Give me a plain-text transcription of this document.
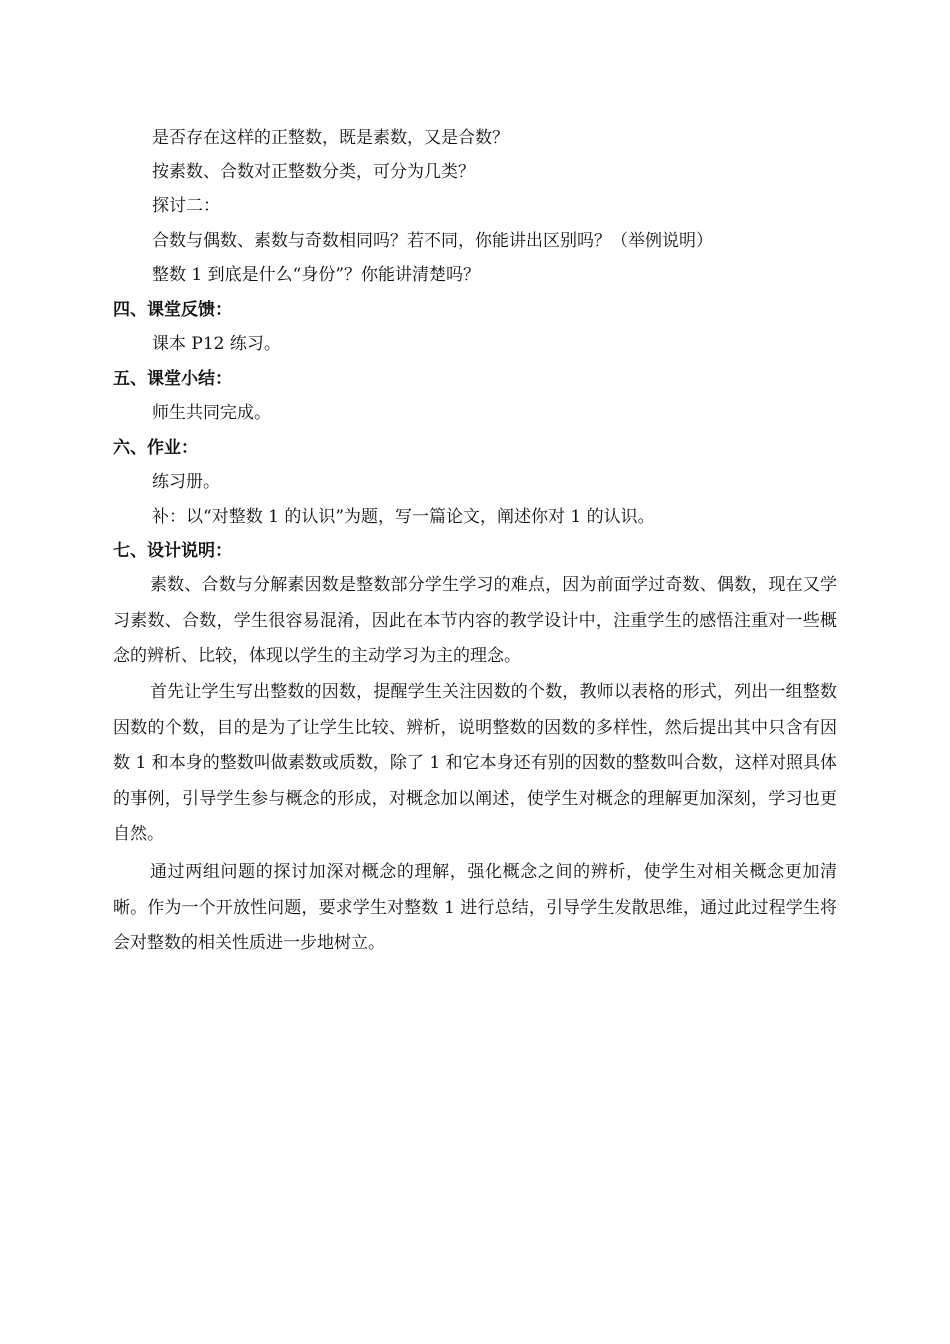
是否存在这样的正整数，既是素数，又是合数？
按素数、合数对正整数分类，可分为几类？
探讨二：
合数与偶数、素数与奇数相同吗？若不同，你能讲出区别吗？（举例说明）
整数 1 到底是什么“身份”？你能讲清楚吗？
四、课堂反馈：
课本 P12 练习。
五、课堂小结：
师生共同完成。
六、作业：
练习册。
补：以“对整数 1 的认识”为题，写一篇论文，阐述你对 1 的认识。
七、设计说明：
素数、合数与分解素因数是整数部分学生学习的难点，因为前面学过奇数、偶数，现在又学习素数、合数，学生很容易混淆，因此在本节内容的教学设计中，注重学生的感悟注重对一些概念的辨析、比较，体现以学生的主动学习为主的理念。
首先让学生写出整数的因数，提醒学生关注因数的个数，教师以表格的形式，列出一组整数因数的个数，目的是为了让学生比较、辨析，说明整数的因数的多样性，然后提出其中只含有因数 1 和本身的整数叫做素数或质数，除了 1 和它本身还有别的因数的整数叫合数，这样对照具体的事例，引导学生参与概念的形成，对概念加以阐述，使学生对概念的理解更加深刻，学习也更自然。
通过两组问题的探讨加深对概念的理解，强化概念之间的辨析，使学生对相关概念更加清晰。作为一个开放性问题，要求学生对整数 1 进行总结，引导学生发散思维，通过此过程学生将会对整数的相关性质进一步地树立。
